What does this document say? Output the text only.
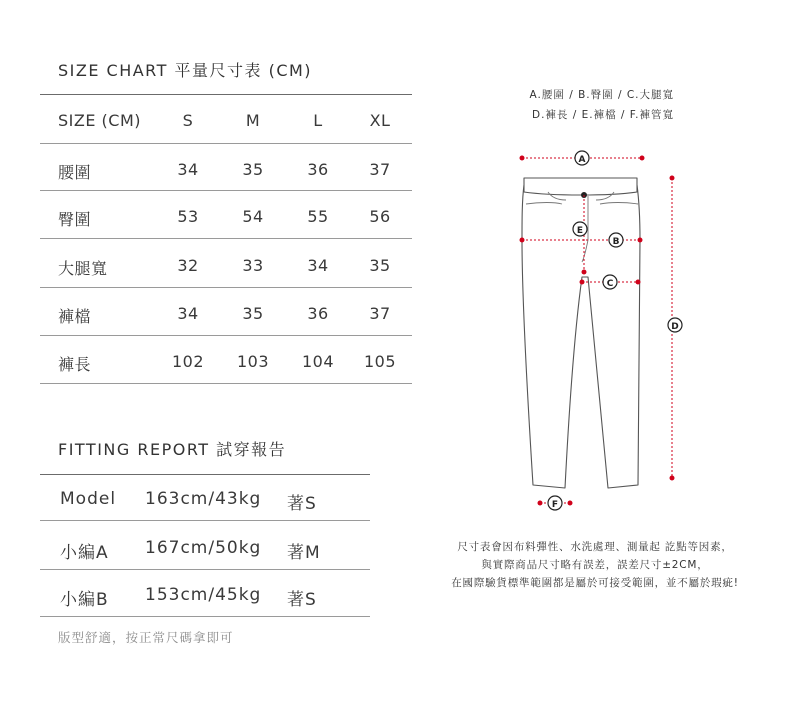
SIZE CHART 平量尺寸表 (CM)
SIZE (CM)	S	M	L	XL
腰圍	34	35	36	37
臀圍	53	54	55	56
大腿寬	32	33	34	35
褲檔	34	35	36	37
褲長	102	103	104	105
FITTING REPORT 試穿報告
Model 163cm/43kg 著S
小編A 167cm/50kg 著M
小編B 153cm/45kg 著S
版型舒適，按正常尺碼拿即可
A.腰圍 / B.臀圍 / C.大腿寬
D.褲長 / E.褲檔 / F.褲管寬
A
E
B
C
D
F
尺寸表會因布料彈性、水洗處理、測量起 訖點等因素，
與實際商品尺寸略有誤差，誤差尺寸±2CM，
在國際驗貨標準範圍都是屬於可接受範圍，並不屬於瑕疵!
